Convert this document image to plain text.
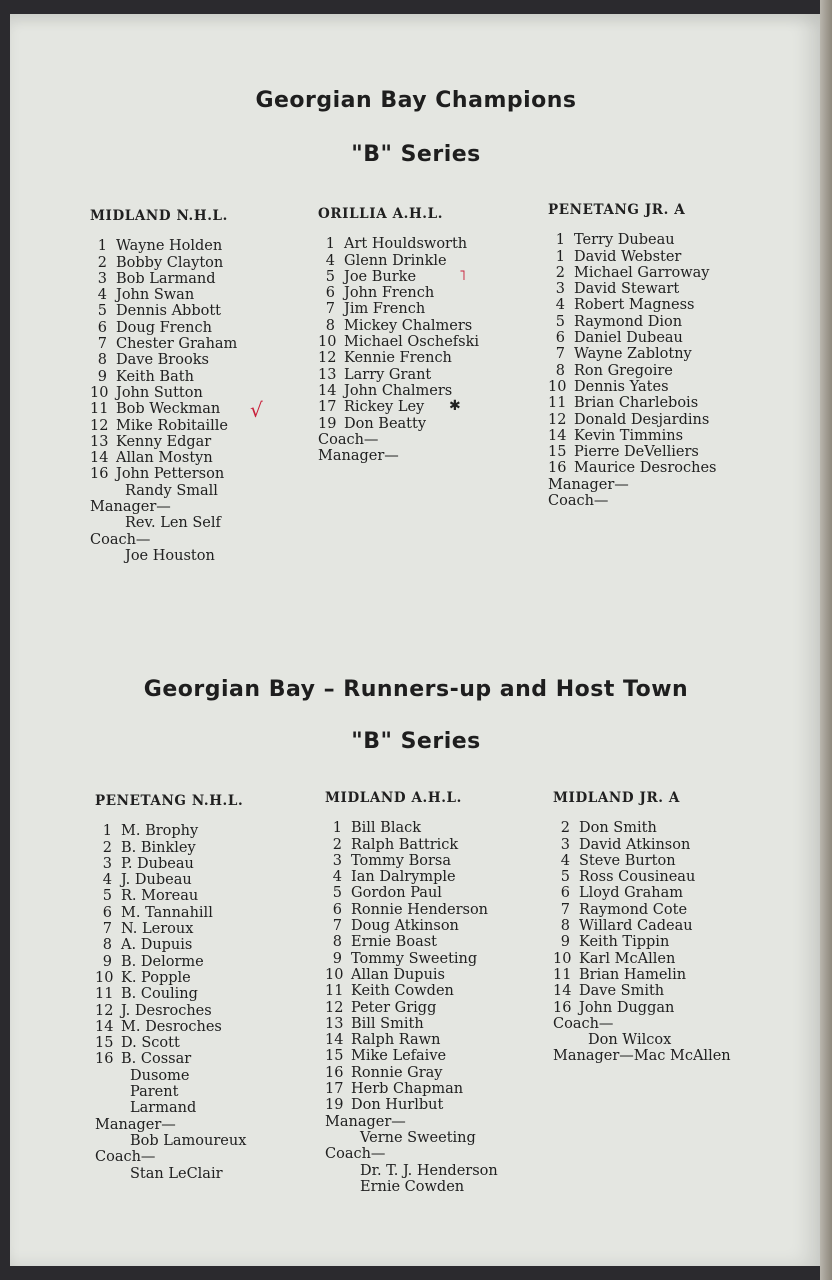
Georgian Bay Champions
"B" Series
MIDLAND N.H.L.
1 Wayne Holden
2 Bobby Clayton
3 Bob Larmand
4 John Swan
5 Dennis Abbott
6 Doug French
7 Chester Graham
8 Dave Brooks
9 Keith Bath
10 John Sutton
11 Bob Weckman
12 Mike Robitaille
13 Kenny Edgar
14 Allan Mostyn
16 John Petterson
Randy Small
Manager—
Rev. Len Self
Coach—
Joe Houston
ORILLIA A.H.L.
1 Art Houldsworth
4 Glenn Drinkle
5 Joe Burke
6 John French
7 Jim French
8 Mickey Chalmers
10 Michael Oschefski
12 Kennie French
13 Larry Grant
14 John Chalmers
17 Rickey Ley
19 Don Beatty
Coach—
Manager—
PENETANG JR. A
1 Terry Dubeau
1 David Webster
2 Michael Garroway
3 David Stewart
4 Robert Magness
5 Raymond Dion
6 Daniel Dubeau
7 Wayne Zablotny
8 Ron Gregoire
10 Dennis Yates
11 Brian Charlebois
12 Donald Desjardins
14 Kevin Timmins
15 Pierre DeVelliers
16 Maurice Desroches
Manager—
Coach—
√
˥
✱
Georgian Bay – Runners-up and Host Town
"B" Series
PENETANG N.H.L.
1 M. Brophy
2 B. Binkley
3 P. Dubeau
4 J. Dubeau
5 R. Moreau
6 M. Tannahill
7 N. Leroux
8 A. Dupuis
9 B. Delorme
10 K. Popple
11 B. Couling
12 J. Desroches
14 M. Desroches
15 D. Scott
16 B. Cossar
Dusome
Parent
Larmand
Manager—
Bob Lamoureux
Coach—
Stan LeClair
MIDLAND A.H.L.
1 Bill Black
2 Ralph Battrick
3 Tommy Borsa
4 Ian Dalrymple
5 Gordon Paul
6 Ronnie Henderson
7 Doug Atkinson
8 Ernie Boast
9 Tommy Sweeting
10 Allan Dupuis
11 Keith Cowden
12 Peter Grigg
13 Bill Smith
14 Ralph Rawn
15 Mike Lefaive
16 Ronnie Gray
17 Herb Chapman
19 Don Hurlbut
Manager—
Verne Sweeting
Coach—
Dr. T. J. Henderson
Ernie Cowden
MIDLAND JR. A
2 Don Smith
3 David Atkinson
4 Steve Burton
5 Ross Cousineau
6 Lloyd Graham
7 Raymond Cote
8 Willard Cadeau
9 Keith Tippin
10 Karl McAllen
11 Brian Hamelin
14 Dave Smith
16 John Duggan
Coach—
Don Wilcox
Manager—Mac McAllen
